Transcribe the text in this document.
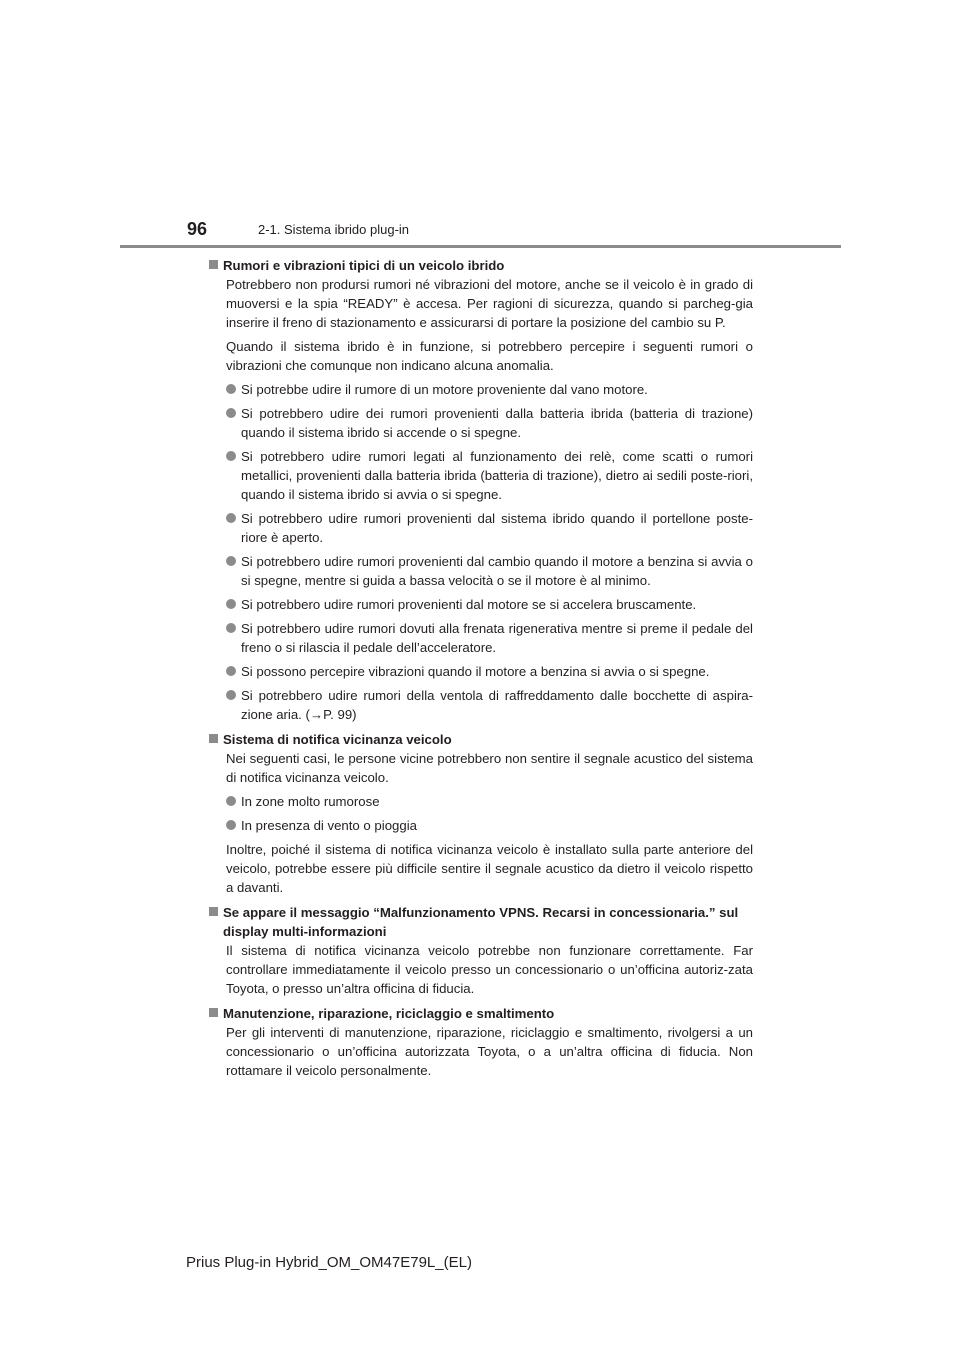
96	2-1. Sistema ibrido plug-in
Rumori e vibrazioni tipici di un veicolo ibrido

Potrebbero non prodursi rumori né vibrazioni del motore, anche se il veicolo è in grado di muoversi e la spia “READY” è accesa. Per ragioni di sicurezza, quando si parcheg-gia inserire il freno di stazionamento e assicurarsi di portare la posizione del cambio su P.

Quando il sistema ibrido è in funzione, si potrebbero percepire i seguenti rumori o vibrazioni che comunque non indicano alcuna anomalia.

Si potrebbe udire il rumore di un motore proveniente dal vano motore.
Si potrebbero udire dei rumori provenienti dalla batteria ibrida (batteria di trazione) quando il sistema ibrido si accende o si spegne.
Si potrebbero udire rumori legati al funzionamento dei relè, come scatti o rumori metallici, provenienti dalla batteria ibrida (batteria di trazione), dietro ai sedili poste-riori, quando il sistema ibrido si avvia o si spegne.
Si potrebbero udire rumori provenienti dal sistema ibrido quando il portellone poste-riore è aperto.
Si potrebbero udire rumori provenienti dal cambio quando il motore a benzina si avvia o si spegne, mentre si guida a bassa velocità o se il motore è al minimo.
Si potrebbero udire rumori provenienti dal motore se si accelera bruscamente.
Si potrebbero udire rumori dovuti alla frenata rigenerativa mentre si preme il pedale del freno o si rilascia il pedale dell’acceleratore.
Si possono percepire vibrazioni quando il motore a benzina si avvia o si spegne.
Si potrebbero udire rumori della ventola di raffreddamento dalle bocchette di aspira-zione aria. (→P. 99)
Sistema di notifica vicinanza veicolo

Nei seguenti casi, le persone vicine potrebbero non sentire il segnale acustico del sistema di notifica vicinanza veicolo.

In zone molto rumorose
In presenza di vento o pioggia

Inoltre, poiché il sistema di notifica vicinanza veicolo è installato sulla parte anteriore del veicolo, potrebbe essere più difficile sentire il segnale acustico da dietro il veicolo rispetto a davanti.

Se appare il messaggio “Malfunzionamento VPNS. Recarsi in concessionaria.” sul display multi-informazioni

Il sistema di notifica vicinanza veicolo potrebbe non funzionare correttamente. Far controllare immediatamente il veicolo presso un concessionario o un’officina autoriz-zata Toyota, o presso un’altra officina di fiducia.

Manutenzione, riparazione, riciclaggio e smaltimento

Per gli interventi di manutenzione, riparazione, riciclaggio e smaltimento, rivolgersi a un concessionario o un’officina autorizzata Toyota, o a un’altra officina di fiducia. Non rottamare il veicolo personalmente.

Prius Plug-in Hybrid_OM_OM47E79L_(EL)
